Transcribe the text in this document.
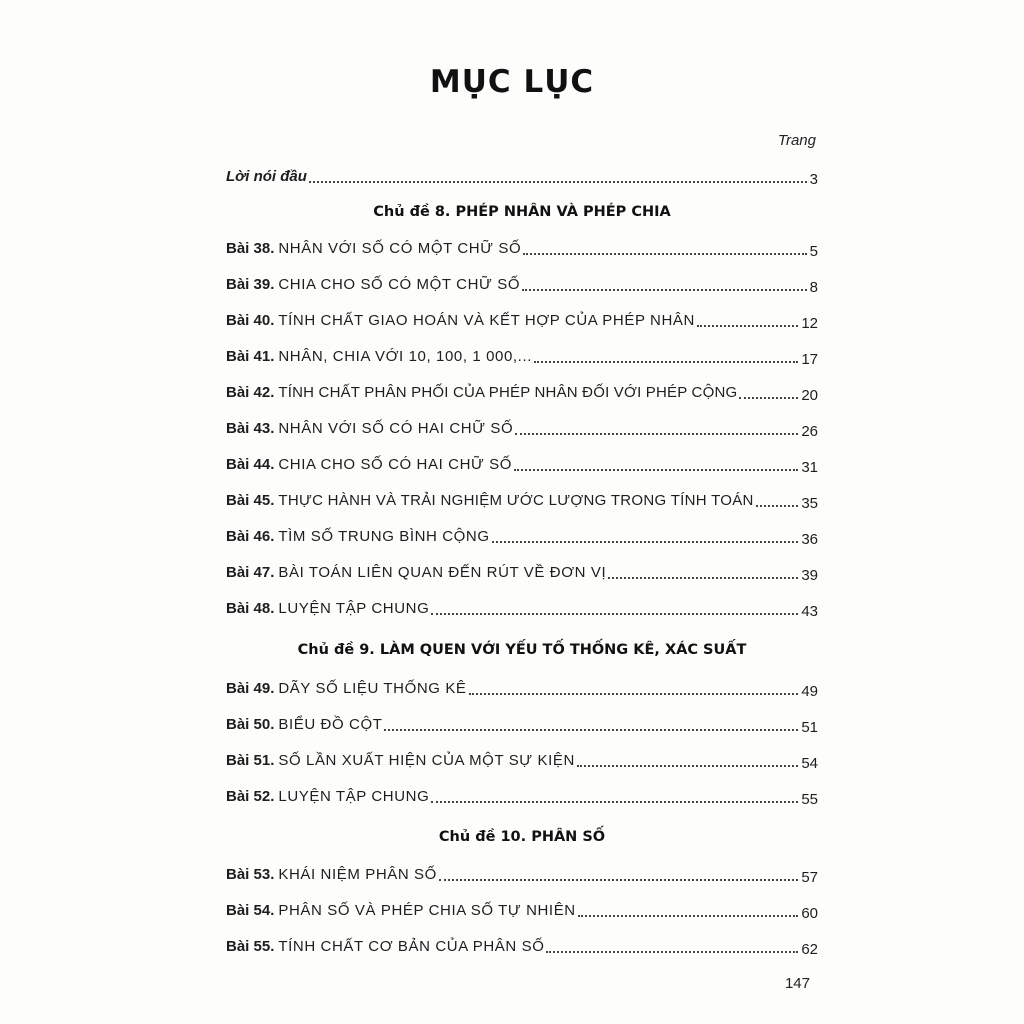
MỤC LỤC
Trang
Lời nói đầu	3
Chủ đề 8. PHÉP NHÂN VÀ PHÉP CHIA
Bài 38. NHÂN VỚI SỐ CÓ MỘT CHỮ SỐ	5
Bài 39. CHIA CHO SỐ CÓ MỘT CHỮ SỐ	8
Bài 40. TÍNH CHẤT GIAO HOÁN VÀ KẾT HỢP CỦA PHÉP NHÂN	12
Bài 41. NHÂN, CHIA VỚI 10, 100, 1 000,...	17
Bài 42. TÍNH CHẤT PHÂN PHỐI CỦA PHÉP NHÂN ĐỐI VỚI PHÉP CỘNG	20
Bài 43. NHÂN VỚI SỐ CÓ HAI CHỮ SỐ	26
Bài 44. CHIA CHO SỐ CÓ HAI CHỮ SỐ	31
Bài 45. THỰC HÀNH VÀ TRẢI NGHIỆM ƯỚC LƯỢNG TRONG TÍNH TOÁN	35
Bài 46. TÌM SỐ TRUNG BÌNH CỘNG	36
Bài 47. BÀI TOÁN LIÊN QUAN ĐẾN RÚT VỀ ĐƠN VỊ	39
Bài 48. LUYỆN TẬP CHUNG	43
Chủ đề 9. LÀM QUEN VỚI YẾU TỐ THỐNG KÊ, XÁC SUẤT
Bài 49. DÃY SỐ LIỆU THỐNG KÊ	49
Bài 50. BIỂU ĐỒ CỘT	51
Bài 51. SỐ LẦN XUẤT HIỆN CỦA MỘT SỰ KIỆN	54
Bài 52. LUYỆN TẬP CHUNG	55
Chủ đề 10. PHÂN SỐ
Bài 53. KHÁI NIỆM PHÂN SỐ	57
Bài 54. PHÂN SỐ VÀ PHÉP CHIA SỐ TỰ NHIÊN	60
Bài 55. TÍNH CHẤT CƠ BẢN CỦA PHÂN SỐ	62
147
